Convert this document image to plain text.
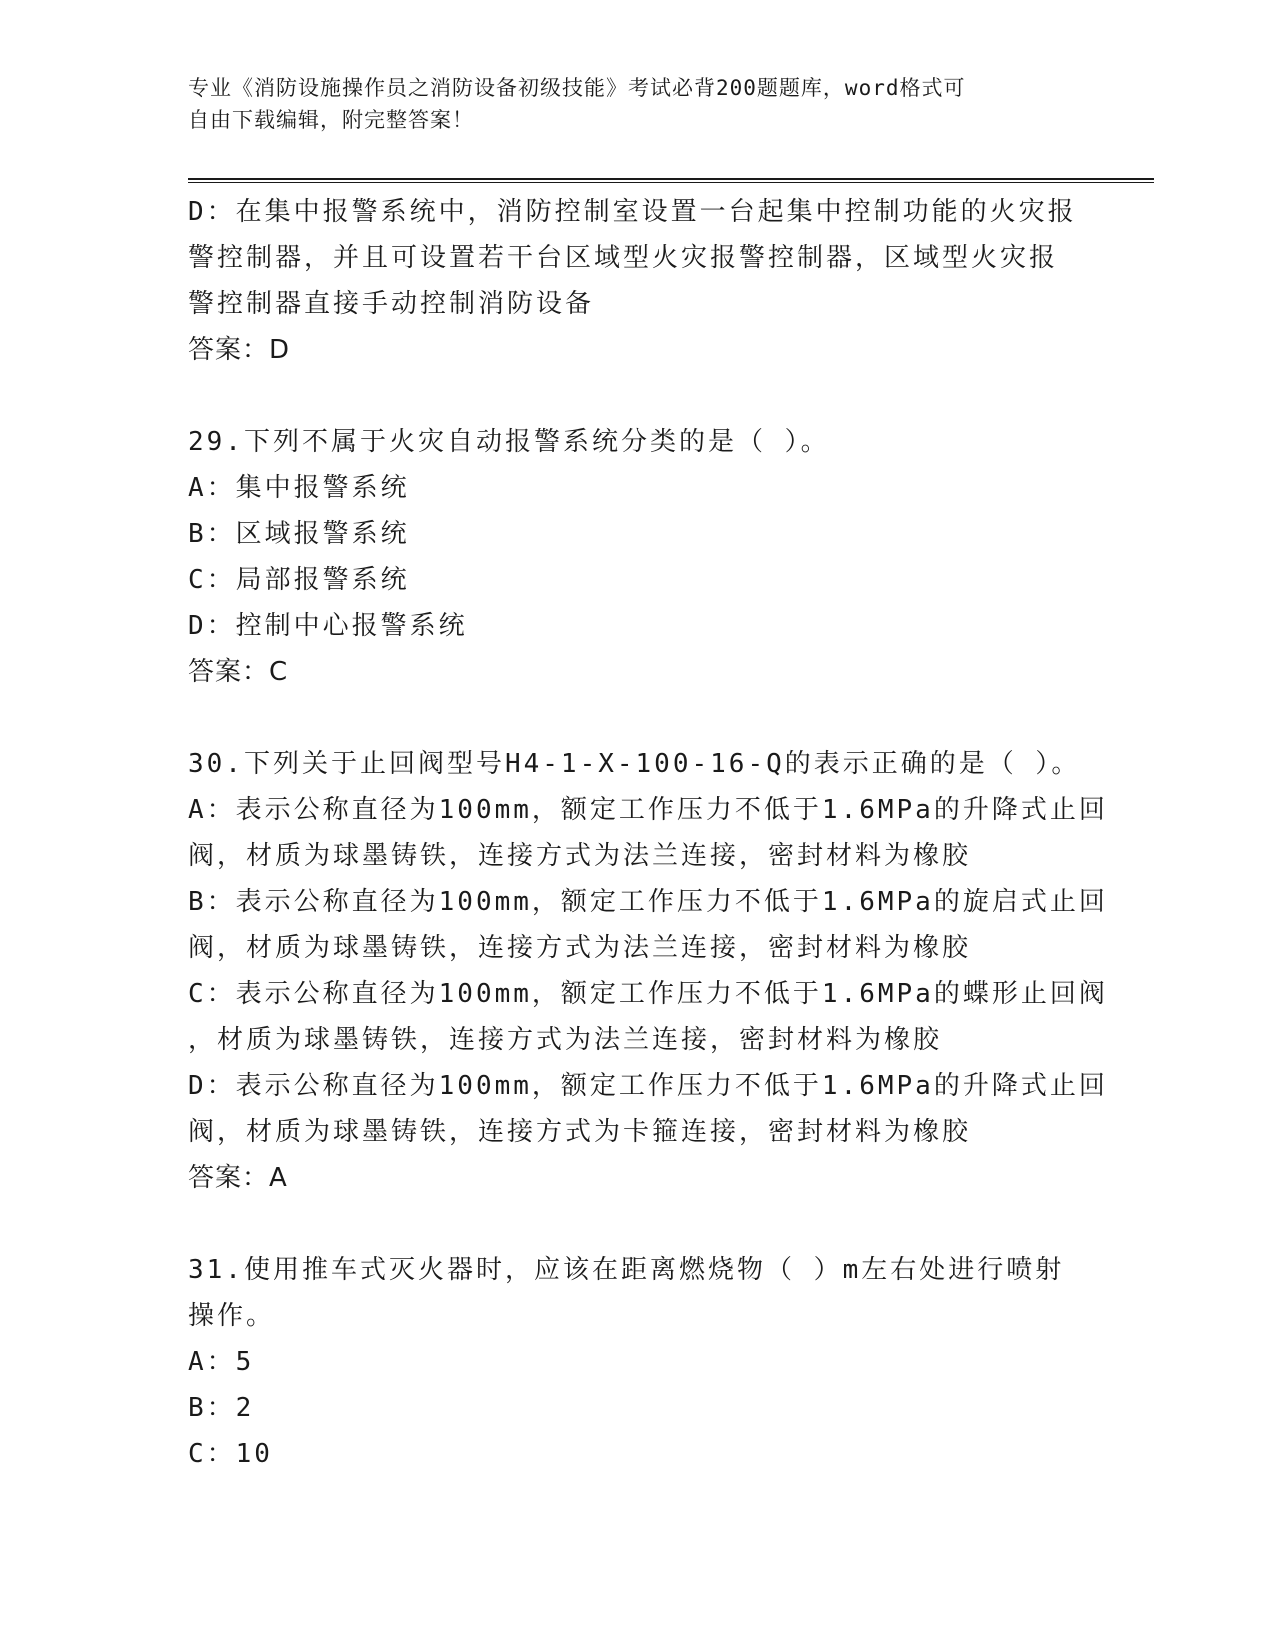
专业《消防设施操作员之消防设备初级技能》考试必背200题题库，word格式可
自由下载编辑，附完整答案！
D：在集中报警系统中，消防控制室设置一台起集中控制功能的火灾报
警控制器，并且可设置若干台区域型火灾报警控制器，区域型火灾报
警控制器直接手动控制消防设备
答案：D
29.下列不属于火灾自动报警系统分类的是（ ）。
A：集中报警系统
B：区域报警系统
C：局部报警系统
D：控制中心报警系统
答案：C
30.下列关于止回阀型号H4-1-X-100-16-Q的表示正确的是（ ）。
A：表示公称直径为100mm，额定工作压力不低于1.6MPa的升降式止回
阀，材质为球墨铸铁，连接方式为法兰连接，密封材料为橡胶
B：表示公称直径为100mm，额定工作压力不低于1.6MPa的旋启式止回
阀，材质为球墨铸铁，连接方式为法兰连接，密封材料为橡胶
C：表示公称直径为100mm，额定工作压力不低于1.6MPa的蝶形止回阀
，材质为球墨铸铁，连接方式为法兰连接，密封材料为橡胶
D：表示公称直径为100mm，额定工作压力不低于1.6MPa的升降式止回
阀，材质为球墨铸铁，连接方式为卡箍连接，密封材料为橡胶
答案：A
31.使用推车式灭火器时，应该在距离燃烧物（ ）m左右处进行喷射
操作。
A：5
B：2
C：10
